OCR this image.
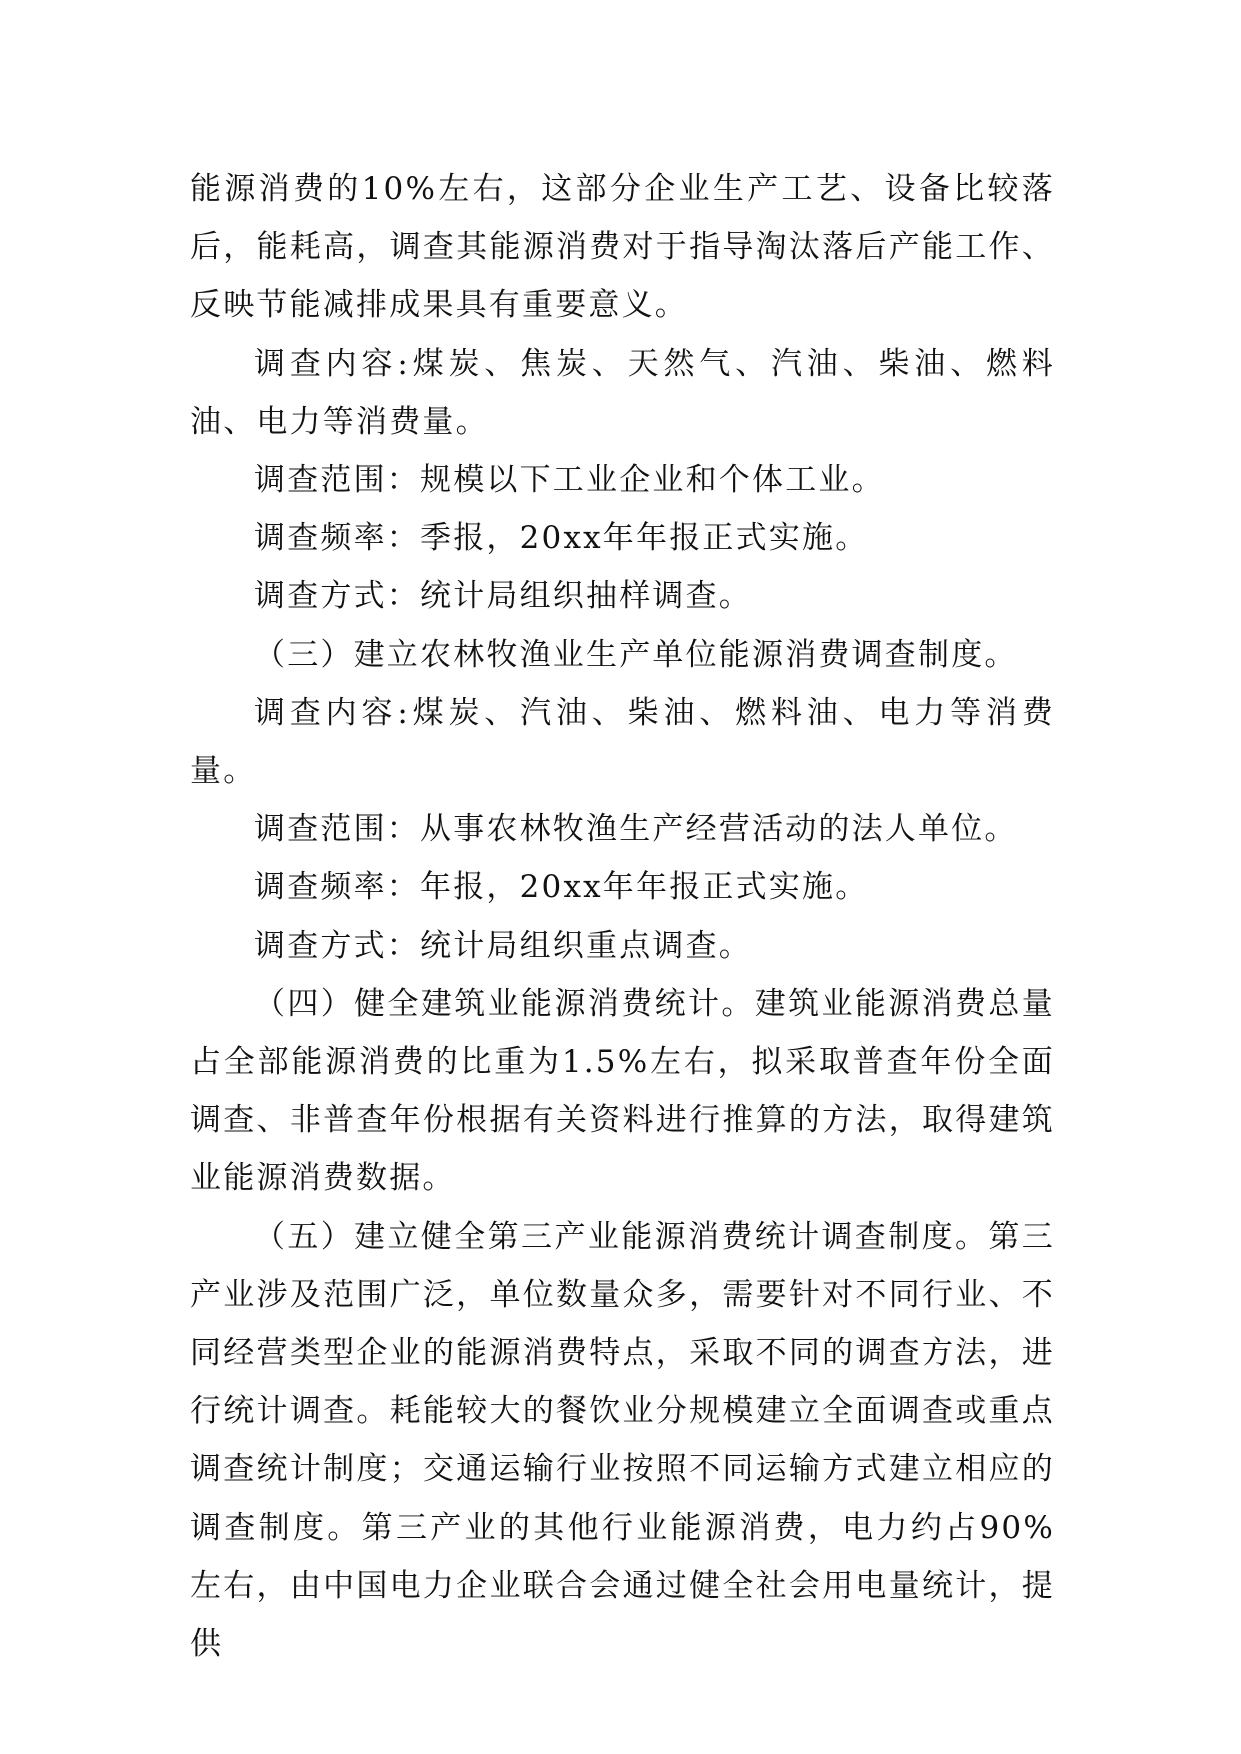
能源消费的10%左右，这部分企业生产工艺、设备比较落后，能耗高，调查其能源消费对于指导淘汰落后产能工作、反映节能减排成果具有重要意义。

调查内容:煤炭、焦炭、天然气、汽油、柴油、燃料油、电力等消费量。

调查范围：规模以下工业企业和个体工业。

调查频率：季报，20xx年年报正式实施。

调查方式：统计局组织抽样调查。

（三）建立农林牧渔业生产单位能源消费调查制度。

调查内容:煤炭、汽油、柴油、燃料油、电力等消费量。

调查范围：从事农林牧渔生产经营活动的法人单位。

调查频率：年报，20xx年年报正式实施。

调查方式：统计局组织重点调查。

（四）健全建筑业能源消费统计。建筑业能源消费总量占全部能源消费的比重为1.5%左右，拟采取普查年份全面调查、非普查年份根据有关资料进行推算的方法，取得建筑业能源消费数据。

（五）建立健全第三产业能源消费统计调查制度。第三产业涉及范围广泛，单位数量众多，需要针对不同行业、不同经营类型企业的能源消费特点，采取不同的调查方法，进行统计调查。耗能较大的餐饮业分规模建立全面调查或重点调查统计制度；交通运输行业按照不同运输方式建立相应的调查制度。第三产业的其他行业能源消费，电力约占90%左右，由中国电力企业联合会通过健全社会用电量统计，提供
